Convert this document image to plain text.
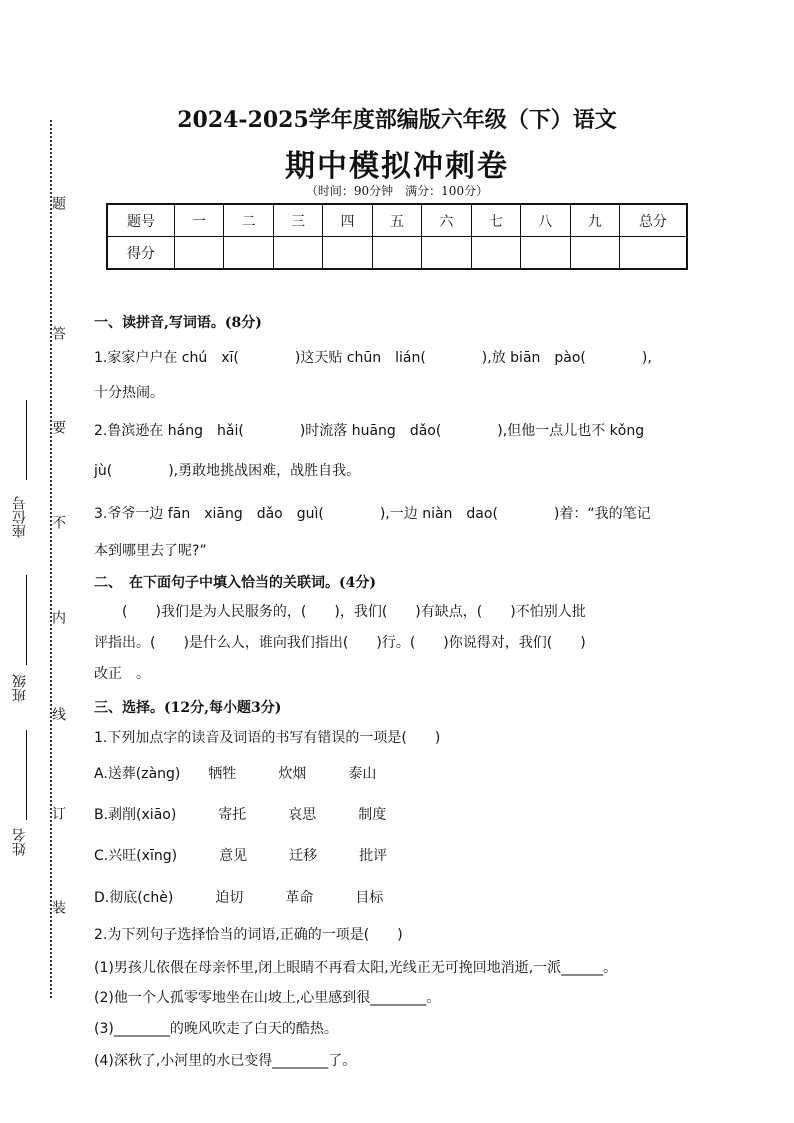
题
答
要
不
内
线
订
装
座位号
班级
姓名
2024-2025学年度部编版六年级（下）语文
期中模拟冲刺卷
（时间：90分钟　满分：100分）
题号	一	二	三	四	五	六	七	八	九	总分
得分										
一、读拼音,写词语。(8分)
1.家家户户在 chú　xī(　　　　)这天贴 chūn　lián(　　　　),放 biān　pào(　　　　),
十分热闹。
2.鲁滨逊在 háng　hǎi(　　　　)时流落 huāng　dǎo(　　　　),但他一点儿也不 kǒng
jù(　　　　),勇敢地挑战困难，战胜自我。
3.爷爷一边 fān　xiāng　dǎo　guì(　　　　),一边 niàn　dao(　　　　)着：“我的笔记
本到哪里去了呢?”
二、　在下面句子中填入恰当的关联词。(4分)
　　(　　)我们是为人民服务的，(　　)，我们(　　)有缺点，(　　)不怕别人批
评指出。(　　)是什么人，谁向我们指出(　　)行。(　　)你说得对，我们(　　)
改正　。
三、选择。(12分,每小题3分)
1.下列加点字的读音及词语的书写有错误的一项是(　　)
A.送葬(zàng)　　牺牲　　　炊烟　　　泰山
B.剥削(xiāo)　　　寄托　　　哀思　　　制度
C.兴旺(xīng)　　　意见　　　迁移　　　批评
D.彻底(chè)　　　迫切　　　革命　　　目标
2.为下列句子选择恰当的词语,正确的一项是(　　)
(1)男孩儿依偎在母亲怀里,闭上眼睛不再看太阳,光线正无可挽回地消逝,一派______。
(2)他一个人孤零零地坐在山坡上,心里感到很________。
(3)________的晚风吹走了白天的酷热。
(4)深秋了,小河里的水已变得________了。
